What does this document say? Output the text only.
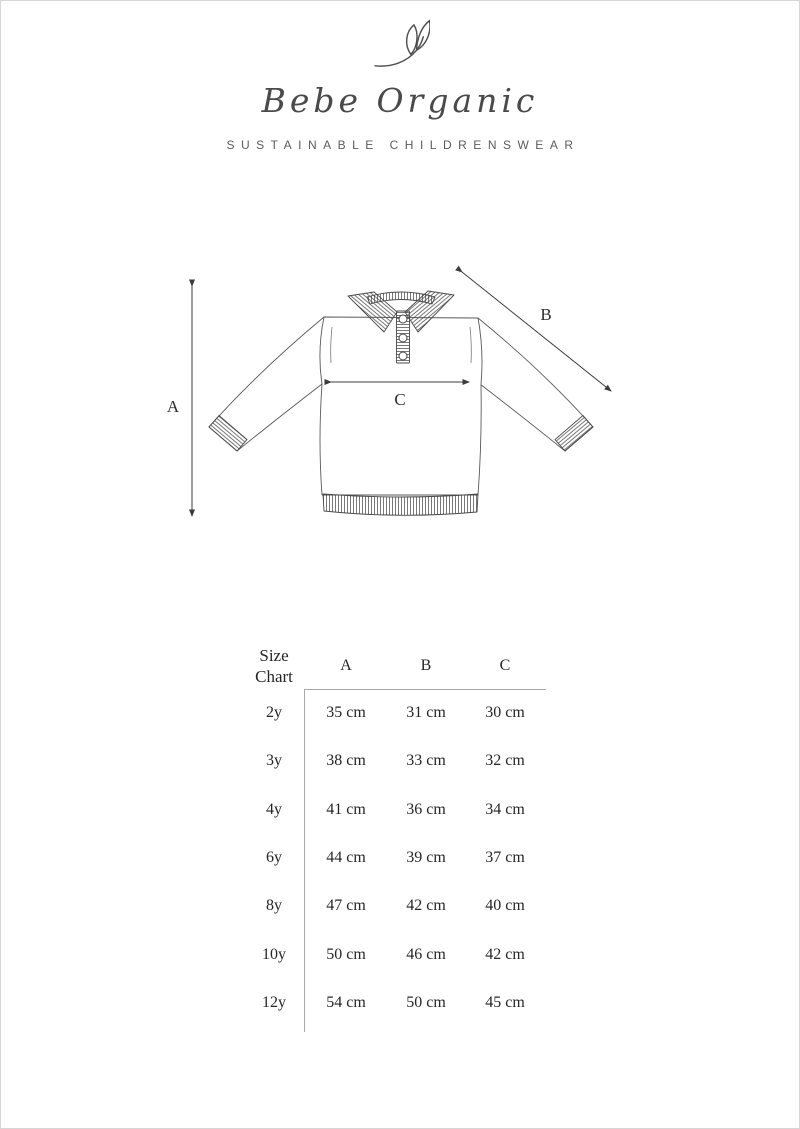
Bebe Organic
SUSTAINABLE CHILDRENSWEAR
A
B
C
Size Chart
A	B	C
2y	35 cm	31 cm	30 cm
3y	38 cm	33 cm	32 cm
4y	41 cm	36 cm	34 cm
6y	44 cm	39 cm	37 cm
8y	47 cm	42 cm	40 cm
10y	50 cm	46 cm	42 cm
12y	54 cm	50 cm	45 cm
